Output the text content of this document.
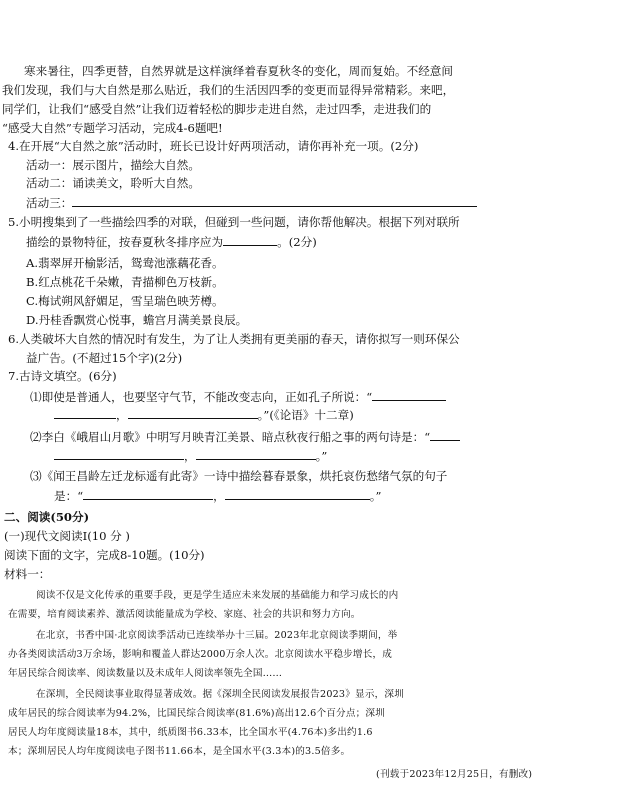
寒来暑往，四季更替，自然界就是这样演绎着春夏秋冬的变化，周而复始。不经意间
我们发现，我们与大自然是那么贴近，我们的生活因四季的变更而显得异常精彩。来吧，
同学们，让我们“感受自然”让我们迈着轻松的脚步走进自然，走过四季，走进我们的
“感受大自然”专题学习活动，完成4-6题吧!
4.在开展“大自然之旅”活动时，班长已设计好两项活动，请你再补充一项。(2分)
活动一：展示图片，描绘大自然。
活动二：诵读美文，聆听大自然。
活动三：
5.小明搜集到了一些描绘四季的对联，但碰到一些问题，请你帮他解决。根据下列对联所
描绘的景物特征，按春夏秋冬排序应为	。(2分)
A.翡翠屏开榆影活，鸳鸯池涨藕花香。
B.红点桃花千朵嫩，青描柳色万枝新。
C.梅试朔风舒媚足，雪呈瑞色映芳樽。
D.丹桂香飘赏心悦事，蟾宫月满美景良辰。
6.人类破坏大自然的情况时有发生，为了让人类拥有更美丽的春天，请你拟写一则环保公
益广告。(不超过15个字)(2分)
7.古诗文填空。(6分)
⑴即使是普通人，也要坚守气节，不能改变志向，正如孔子所说：“
，	。”(《论语》十二章)
⑵李白《峨眉山月歌》中明写月映青江美景、暗点秋夜行船之事的两句诗是：“
，	。”
⑶《闻王昌龄左迁龙标遥有此寄》一诗中描绘暮春景象，烘托哀伤愁绪气氛的句子
是：“	，	。”
二、阅读(50分)
(一)现代文阅读Ⅰ(10 分 )
阅读下面的文字，完成8-10题。(10分)
材料一：
阅读不仅是文化传承的重要手段，更是学生适应未来发展的基础能力和学习成长的内
在需要，培育阅读素养、激活阅读能量成为学校、家庭、社会的共识和努力方向。
在北京，书香中国·北京阅读季活动已连续举办十三届。2023年北京阅读季期间，举
办各类阅读活动3万余场，影响和覆盖人群达2000万余人次。北京阅读水平稳步增长，成
年居民综合阅读率、阅读数量以及未成年人阅读率领先全国……
在深圳，全民阅读事业取得显著成效。据《深圳全民阅读发展报告2023》显示，深圳
成年居民的综合阅读率为94.2%，比国民综合阅读率(81.6%)高出12.6个百分点；深圳
居民人均年度阅读量18本，其中，纸质图书6.33本，比全国水平(4.76本)多出约1.6
本；深圳居民人均年度阅读电子图书11.66本，是全国水平(3.3本)的3.5倍多。
(刊载于2023年12月25日，有删改)
